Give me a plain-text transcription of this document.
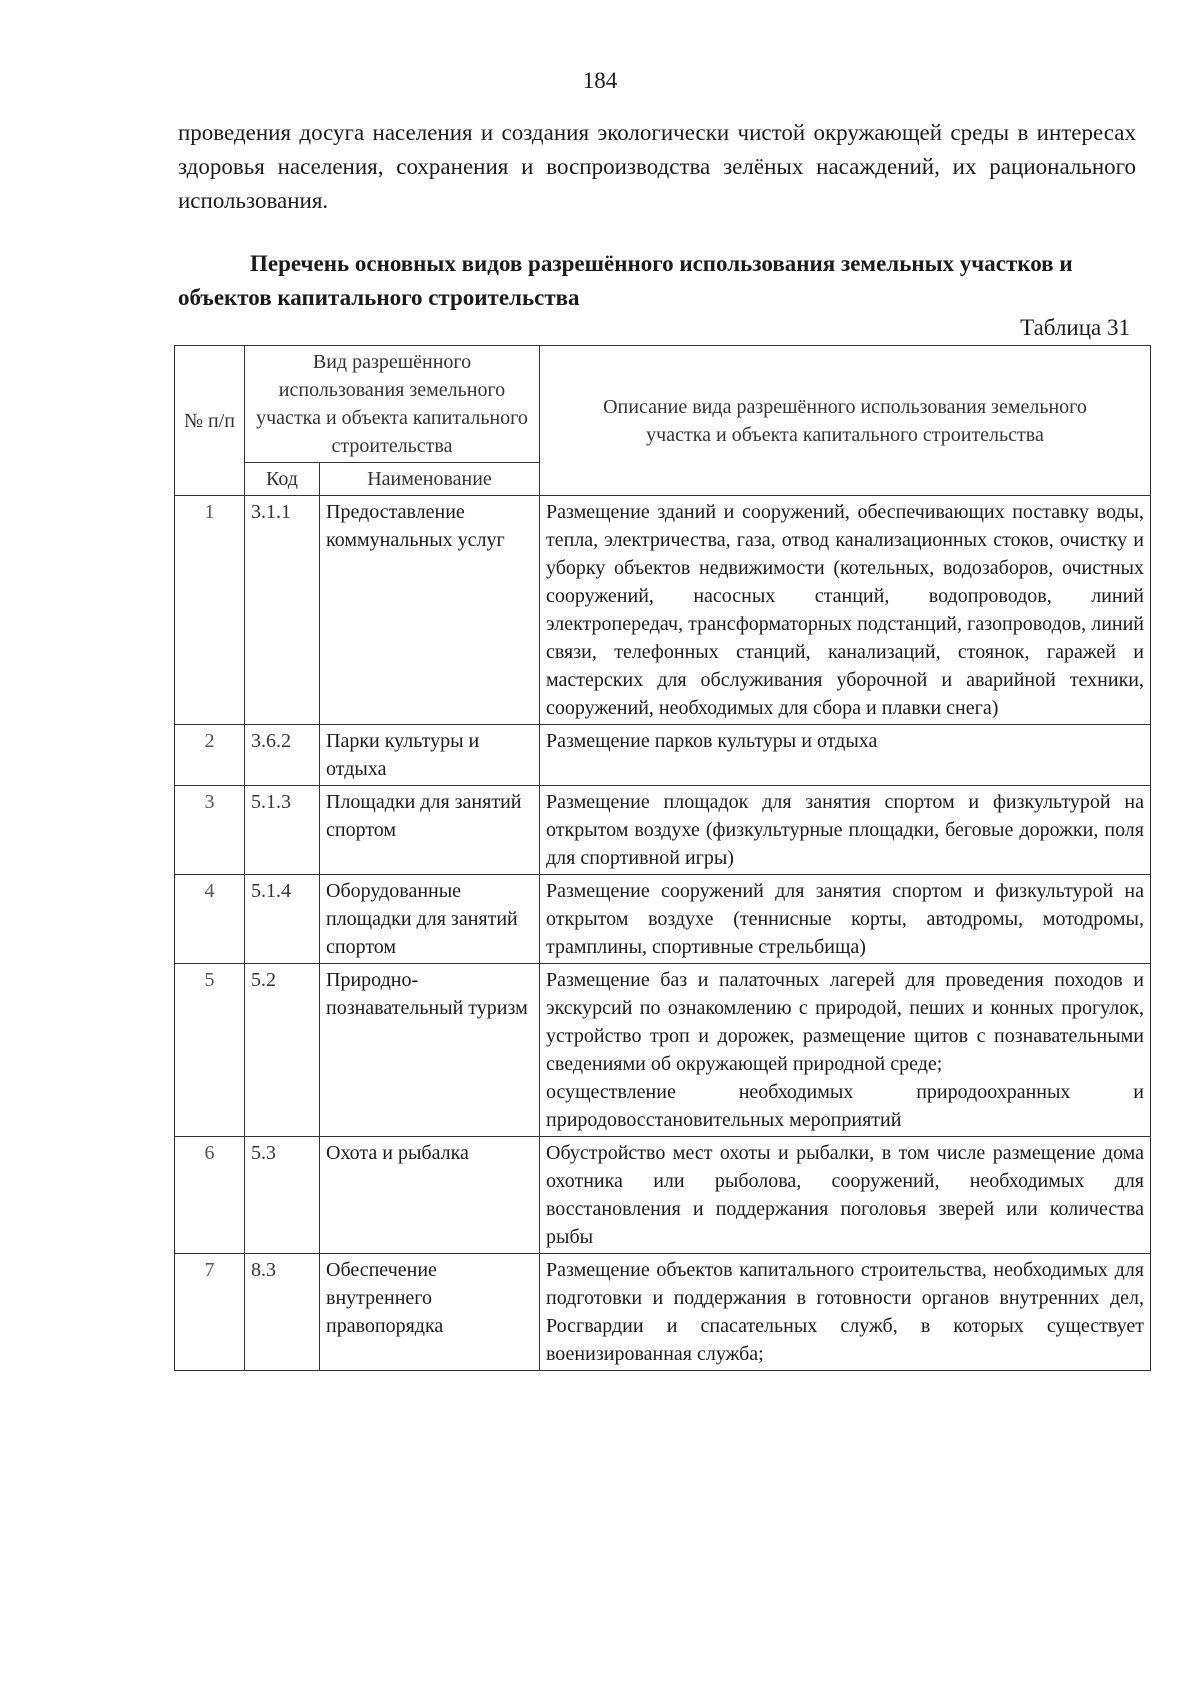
184

проведения досуга населения и создания экологически чистой окружающей среды в интересах здоровья населения, сохранения и воспроизводства зелёных насаждений, их рационального использования.

Перечень основных видов разрешённого использования земельных участков и объектов капитального строительства

Таблица 31
№ п/п	Вид разрешённого использования земельного участка и объекта капитального строительства		Описание вида разрешённого использования земельного участка и объекта капитального строительства
	Код	Наименование	
1	3.1.1	Предоставление коммунальных услуг	Размещение зданий и сооружений, обеспечивающих поставку воды, тепла, электричества, газа, отвод канализационных стоков, очистку и уборку объектов недвижимости (котельных, водозаборов, очистных сооружений, насосных станций, водопроводов, линий электропередач, трансформаторных подстанций, газопроводов, линий связи, телефонных станций, канализаций, стоянок, гаражей и мастерских для обслуживания уборочной и аварийной техники, сооружений, необходимых для сбора и плавки снега)
2	3.6.2	Парки культуры и отдыха	Размещение парков культуры и отдыха
3	5.1.3	Площадки для занятий спортом	Размещение площадок для занятия спортом и физкультурой на открытом воздухе (физкультурные площадки, беговые дорожки, поля для спортивной игры)
4	5.1.4	Оборудованные площадки для занятий спортом	Размещение сооружений для занятия спортом и физкультурой на открытом воздухе (теннисные корты, автодромы, мотодромы, трамплины, спортивные стрельбища)
5	5.2	Природно-познавательный туризм	Размещение баз и палаточных лагерей для проведения походов и экскурсий по ознакомлению с природой, пеших и конных прогулок, устройство троп и дорожек, размещение щитов с познавательными сведениями об окружающей природной среде;
осуществление необходимых природоохранных и природовосстановительных мероприятий

6	5.3	Охота и рыбалка	Обустройство мест охоты и рыбалки, в том числе размещение дома охотника или рыболова, сооружений, необходимых для восстановления и поддержания поголовья зверей или количества рыбы
7	8.3	Обеспечение внутреннего правопорядка	Размещение объектов капитального строительства, необходимых для подготовки и поддержания в готовности органов внутренних дел, Росгвардии и спасательных служб, в которых существует военизированная служба;
